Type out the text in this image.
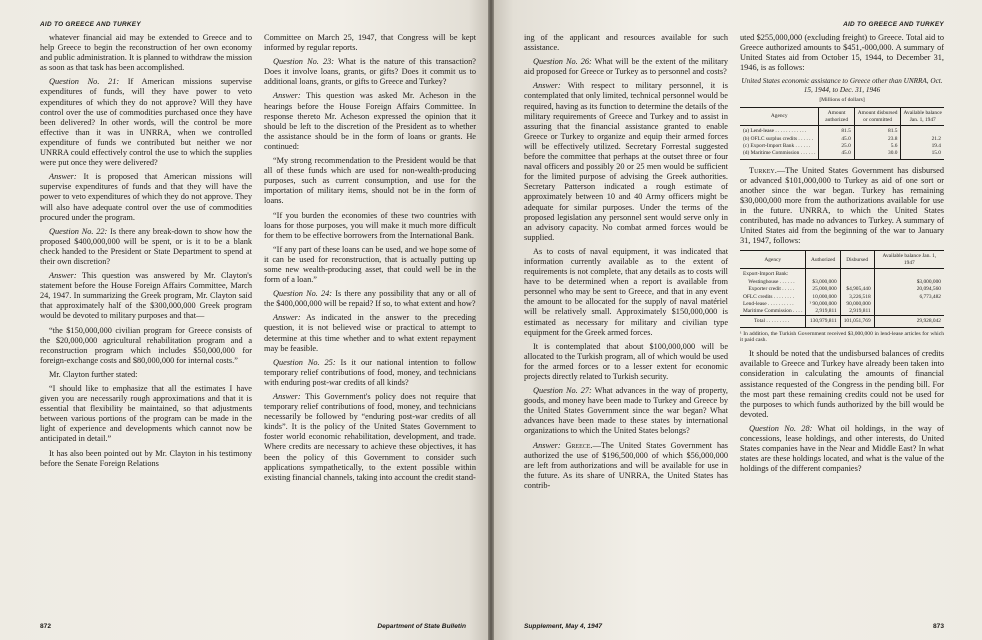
AID TO GREECE AND TURKEY

whatever financial aid may be extended to Greece and to help Greece to begin the reconstruction of her own economy and public administration. It is planned to withdraw the mission as soon as that task has been accomplished.

Question No. 21: If American missions supervise expenditures of funds, will they have power to veto expenditures of which they do not approve? Will they have control over the use of commodities purchased once they have been delivered? In other words, will the control be more effective than it was in UNRRA, when we controlled expenditure of funds we contributed but neither we nor UNRRA could effectively control the use to which the supplies were put once they were delivered?

Answer: It is proposed that American missions will supervise expenditures of funds and that they will have the power to veto expenditures of which they do not approve. They will also have adequate control over the use of commodities procured under the program.

Question No. 22: Is there any break-down to show how the proposed $400,000,000 will be spent, or is it to be a blank check handed to the President or State Department to spend at their own discretion?

Answer: This question was answered by Mr. Clayton's statement before the House Foreign Affairs Committee, March 24, 1947. In summarizing the Greek program, Mr. Clayton said that approximately half of the $300,000,000 Greek program would be devoted to military purposes and that—

“the $150,000,000 civilian program for Greece consists of the $20,000,000 agricultural rehabilitation program and a reconstruction program which includes $50,000,000 for foreign-exchange costs and $80,000,000 for internal costs.”

Mr. Clayton further stated:

“I should like to emphasize that all the estimates I have given you are necessarily rough approximations and that it is essential that flexibility be maintained, so that adjustments between various portions of the program can be made in the light of experience and developments which cannot now be anticipated in detail.”

It has also been pointed out by Mr. Clayton in his testimony before the Senate Foreign Relations

Committee on March 25, 1947, that Congress will be kept informed by regular reports.

Question No. 23: What is the nature of this transaction? Does it involve loans, grants, or gifts? Does it commit us to additional loans, grants, or gifts to Greece and Turkey?

Answer: This question was asked Mr. Acheson in the hearings before the House Foreign Affairs Committee. In response thereto Mr. Acheson expressed the opinion that it should be left to the discretion of the President as to whether the assistance should be in the form of loans or grants. He continued:

“My strong recommendation to the President would be that all of these funds which are used for non-wealth-producing purposes, such as current consumption, and use for the importation of military items, should not be in the form of loans.

“If you burden the economies of these two countries with loans for those purposes, you will make it much more difficult for them to be effective borrowers from the International Bank.

“If any part of these loans can be used, and we hope some of it can be used for reconstruction, that is actually putting up some new wealth-producing asset, that could well be in the form of a loan.”

Question No. 24: Is there any possibility that any or all of the $400,000,000 will be repaid? If so, to what extent and how?

Answer: As indicated in the answer to the preceding question, it is not believed wise or practical to attempt to determine at this time whether and to what extent repayment may be feasible.

Question No. 25: Is it our national intention to follow temporary relief contributions of food, money, and technicians with enduring post-war credits of all kinds?

Answer: This Government's policy does not require that temporary relief contributions of food, money, and technicians necessarily be followed by “enduring post-war credits of all kinds”. It is the policy of the United States Government to foster world economic rehabilitation, development, and trade. Where credits are necessary to achieve these objectives, it has been the policy of this Government to consider such applications sympathetically, to the extent possible within existing financial channels, taking into account the credit stand-

872	Department of State Bulletin
AID TO GREECE AND TURKEY

ing of the applicant and resources available for such assistance.

Question No. 26: What will be the extent of the military aid proposed for Greece or Turkey as to personnel and costs?

Answer: With respect to military personnel, it is contemplated that only limited, technical personnel would be required, having as its function to determine the details of the military requirements of Greece and Turkey and to assist in assuring that the financial assistance granted to enable Greece or Turkey to organize and equip their armed forces will be effectively utilized. Secretary Forrestal suggested before the committee that perhaps at the outset three or four naval officers and possibly 20 or 25 men would be sufficient for the limited purpose of advising the Greek authorities. Secretary Patterson indicated a rough estimate of approximately between 10 and 40 Army officers might be adequate for similar purposes. Under the terms of the proposed legislation any personnel sent would serve only in an advisory capacity. No combat armed forces would be supplied.

As to costs of naval equipment, it was indicated that information currently available as to the extent of requirements is not complete, that any details as to costs will have to be determined when a report is available from personnel who may be sent to Greece, and that in any event the amount to be allocated for the supply of naval matériel will be relatively small. Approximately $150,000,000 is estimated as necessary for military and civilian type equipment for the Greek armed forces.

It is contemplated that about $100,000,000 will be allocated to the Turkish program, all of which would be used for the armed forces or to a lesser extent for economic projects directly related to Turkish security.

Question No. 27: What advances in the way of property, goods, and money have been made to Turkey and Greece by the United States Government since the war began? What advances have been made to these states by international organizations to which the United States belongs?

Answer: Greece.—The United States Government has authorized the use of $196,500,000 of which $56,000,000 are left from authorizations and will be available for use in the future. As its share of UNRRA, the United States has contrib-

uted $255,000,000 (excluding freight) to Greece. Total aid to Greece authorized amounts to $451,-000,000. A summary of United States aid from October 15, 1944, to December 31, 1946, is as follows:

United States economic assistance to Greece other than UNRRA, Oct. 15, 1944, to Dec. 31, 1946
[Millions of dollars]
Agency	Amount authorized	Amount disbursed or committed	Available balance Jan. 1, 1947
(a) Lend-lease . . . . . . . . . . . .	81.5	81.5	
(b) OFLC surplus credits . . . . . .	45.0	23.8	21.2
(c) Export-Import Bank . . . . . .	25.0	5.6	19.4
(d) Maritime Commission . . . . . .	45.0	30.0	15.0

Turkey.—The United States Government has disbursed or advanced $101,000,000 to Turkey as aid of one sort or another since the war began. Turkey has remaining $30,000,000 more from the authorizations available for use in the future. UNRRA, to which the United States contributed, has made no advances to Turkey. A summary of United States aid from the beginning of the war to January 31, 1947, follows:

Agency	Authorized	Disbursed	Available balance Jan. 1, 1947
Export-Import Bank:			
Westinghouse . . . . . .	$3,000,000		$3,000,000
Exporter credit . . . . .	25,000,000	$4,905,440	20,094,560
OFLC credits . . . . . . . .	10,000,000	3,226,518	6,773,482
Lend-lease . . . . . . . . . .	¹ 90,000,000	90,000,000	
Maritime Commission . . . .	2,919,811	2,919,811	
Total . . . . . . . . .	130,979,811	101,051,769	29,928,042
¹ In addition, the Turkish Government received $3,000,000 in lend-lease articles for which it paid cash.

It should be noted that the undisbursed balances of credits available to Greece and Turkey have already been taken into consideration in calculating the amounts of financial assistance requested of the Congress in the pending bill. For the most part these remaining credits could not be used for the purposes to which funds authorized by the bill would be devoted.

Question No. 28: What oil holdings, in the way of concessions, lease holdings, and other interests, do United States companies have in the Near and Middle East? In what states are these holdings located, and what is the value of the holdings of the different companies?

Supplement, May 4, 1947	873
